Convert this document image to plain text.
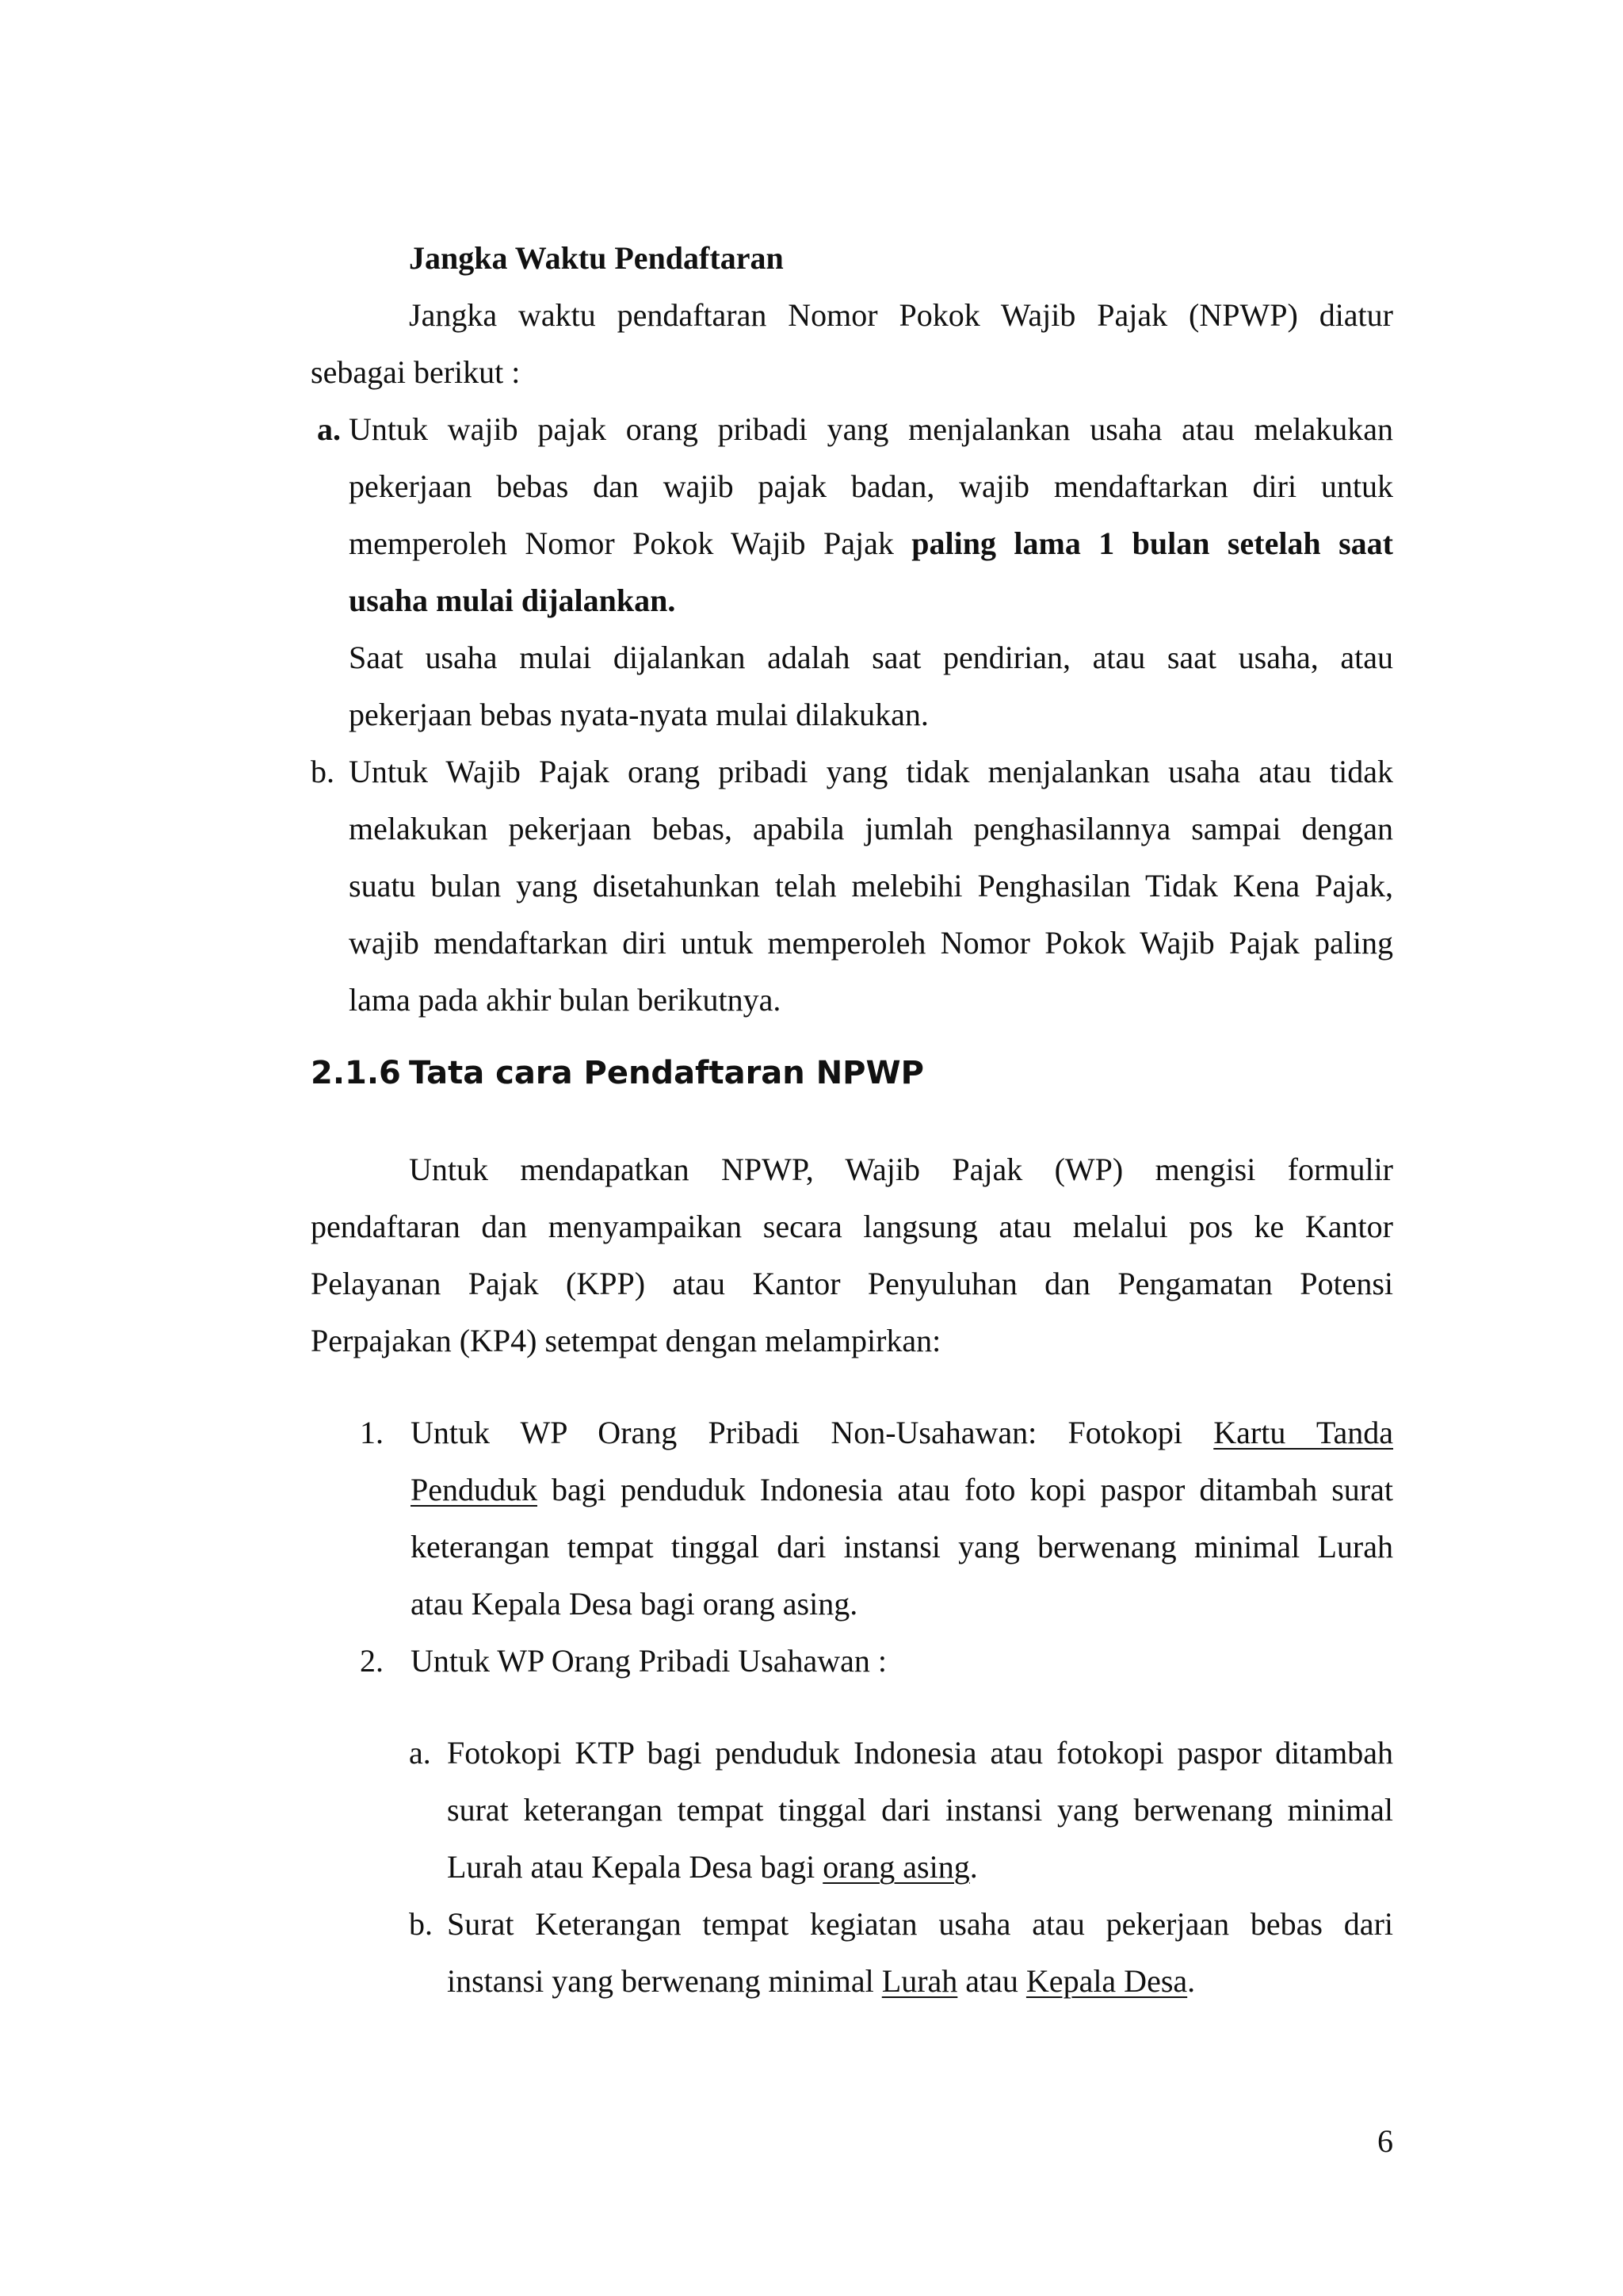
Jangka Waktu Pendaftaran
Jangka waktu pendaftaran Nomor Pokok Wajib Pajak (NPWP) diatur
sebagai berikut :
a. Untuk wajib pajak orang pribadi yang menjalankan usaha atau melakukan
pekerjaan bebas dan wajib pajak badan, wajib mendaftarkan diri untuk
memperoleh Nomor Pokok Wajib Pajak paling lama 1 bulan setelah saat
usaha mulai dijalankan.
Saat usaha mulai dijalankan adalah saat pendirian, atau saat usaha, atau
pekerjaan bebas nyata-nyata mulai dilakukan.
b. Untuk Wajib Pajak orang pribadi yang tidak menjalankan usaha atau tidak
melakukan pekerjaan bebas, apabila jumlah penghasilannya sampai dengan
suatu bulan yang disetahunkan telah melebihi Penghasilan Tidak Kena Pajak,
wajib mendaftarkan diri untuk memperoleh Nomor Pokok Wajib Pajak paling
lama pada akhir bulan berikutnya.
2.1.6 Tata cara Pendaftaran NPWP
Untuk mendapatkan NPWP, Wajib Pajak (WP) mengisi formulir
pendaftaran dan menyampaikan secara langsung atau melalui pos ke Kantor
Pelayanan Pajak (KPP) atau Kantor Penyuluhan dan Pengamatan Potensi
Perpajakan (KP4) setempat dengan melampirkan:
1. Untuk WP Orang Pribadi Non-Usahawan: Fotokopi Kartu Tanda
Penduduk bagi penduduk Indonesia atau foto kopi paspor ditambah surat
keterangan tempat tinggal dari instansi yang berwenang minimal Lurah
atau Kepala Desa bagi orang asing.
2. Untuk WP Orang Pribadi Usahawan :
a. Fotokopi KTP bagi penduduk Indonesia atau fotokopi paspor ditambah
surat keterangan tempat tinggal dari instansi yang berwenang minimal
Lurah atau Kepala Desa bagi orang asing.
b. Surat Keterangan tempat kegiatan usaha atau pekerjaan bebas dari
instansi yang berwenang minimal Lurah atau Kepala Desa.
6
